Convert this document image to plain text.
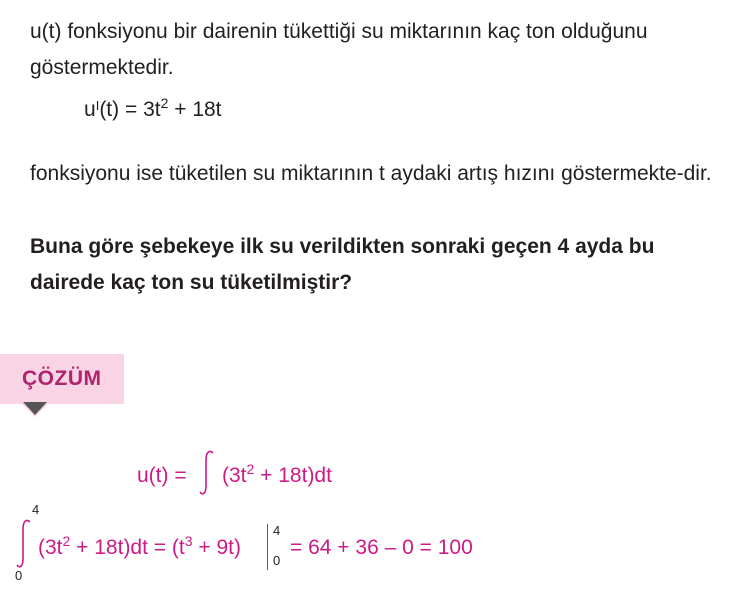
u(t) fonksiyonu bir dairenin tükettiği su miktarının kaç ton olduğunu göstermektedir.

$u^I(t) = 3t^2 + 18t$

fonksiyonu ise tüketilen su miktarının t aydaki artış hızını göstermekte-dir.

Buna göre şebekeye ilk su verildikten sonraki geçen 4 ayda bu dairede kaç ton su tüketilmiştir?

ÇÖZÜM
$u(t) = (3t^2 + 18t)dt$
4
0
$(3t^2 + 18t)dt = (t^3 + 9t)$
4
0
= 64 + 36 – 0 = 100
